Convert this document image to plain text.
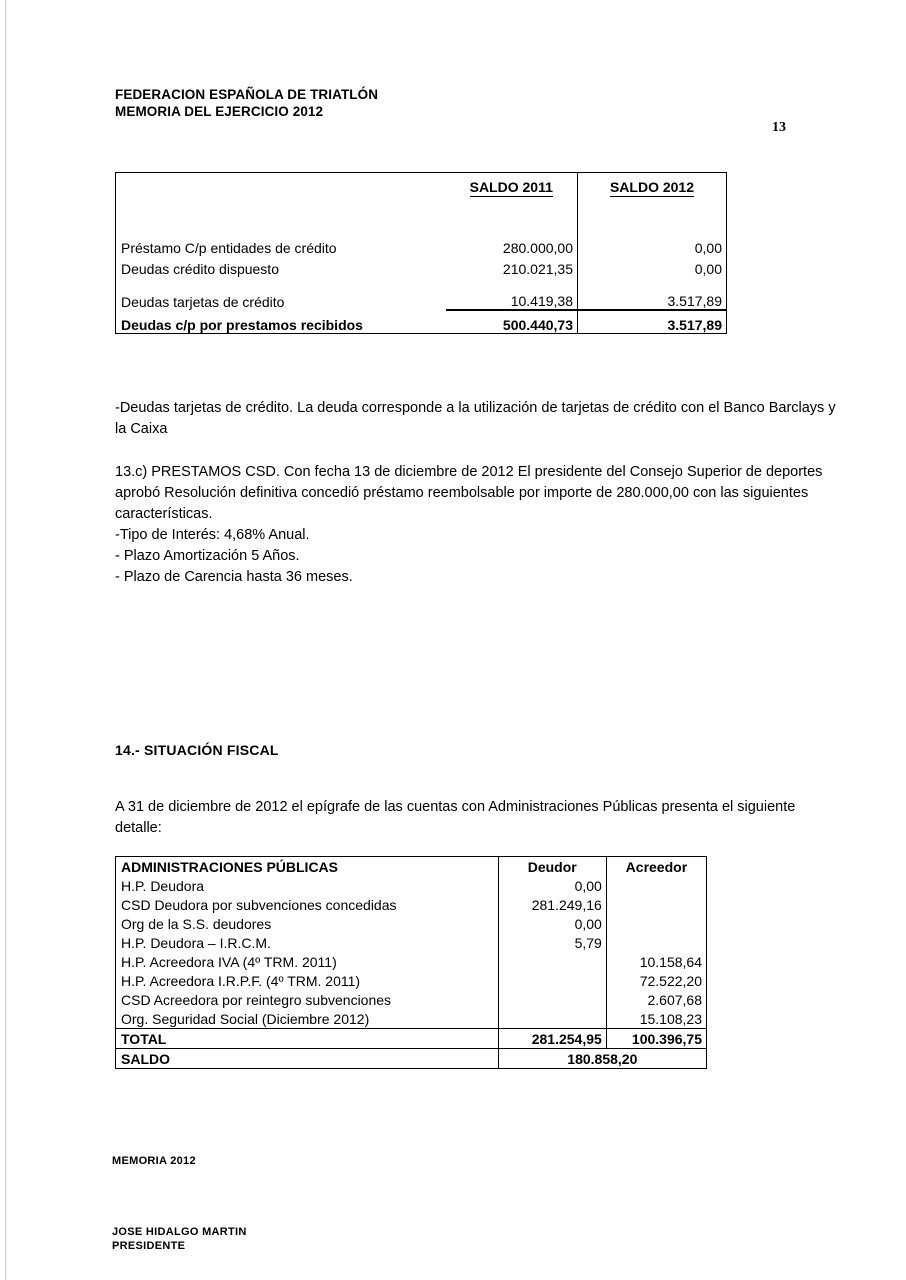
FEDERACION ESPAÑOLA DE TRIATLÓN
MEMORIA DEL EJERCICIO 2012
13
	SALDO 2011	SALDO 2012

Préstamo C/p entidades de crédito	280.000,00	0,00
Deudas crédito dispuesto	210.021,35	0,00

Deudas tarjetas de crédito	10.419,38	3.517,89
Deudas c/p por prestamos recibidos	500.440,73	3.517,89
-Deudas tarjetas de crédito. La deuda corresponde a la utilización de tarjetas de crédito con el Banco Barclays y la Caixa
13.c) PRESTAMOS CSD. Con fecha 13 de diciembre de 2012 El presidente del Consejo Superior de deportes aprobó Resolución definitiva concedió préstamo reembolsable por importe de 280.000,00 con las siguientes características.
-Tipo de Interés: 4,68% Anual.
- Plazo Amortización 5 Años.
- Plazo de Carencia hasta 36 meses.
14.- SITUACIÓN FISCAL
A 31 de diciembre de 2012 el epígrafe de las cuentas con Administraciones Públicas presenta el siguiente detalle:
ADMINISTRACIONES PÚBLICAS	Deudor	Acreedor
H.P. Deudora	0,00	
CSD Deudora por subvenciones concedidas	281.249,16	
Org de la S.S. deudores	0,00	
H.P. Deudora – I.R.C.M.	5,79	
H.P. Acreedora IVA (4º TRM. 2011)		10.158,64
H.P. Acreedora I.R.P.F. (4º TRM. 2011)		72.522,20
CSD Acreedora por reintegro subvenciones		2.607,68
Org. Seguridad Social (Diciembre 2012)		15.108,23
TOTAL	281.254,95	100.396,75
SALDO	180.858,20	
MEMORIA 2012
JOSE HIDALGO MARTIN
PRESIDENTE
